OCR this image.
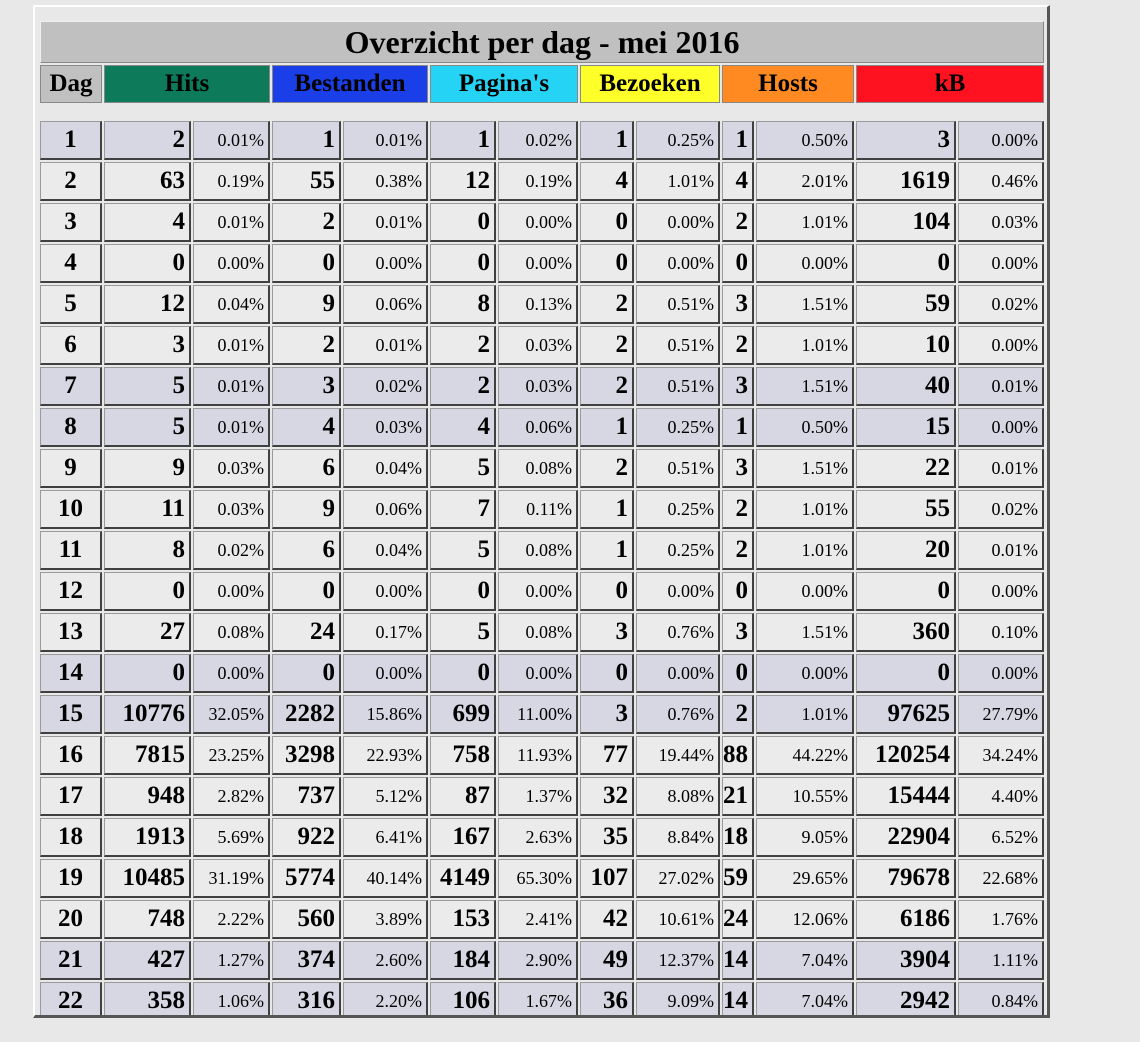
Overzicht per dag - mei 2016												
Dag	Hits		Bestanden		Pagina's		Bezoeken		Hosts		kB	

1	2	0.01%	1	0.01%	1	0.02%	1	0.25%	1	0.50%	3	0.00%
2	63	0.19%	55	0.38%	12	0.19%	4	1.01%	4	2.01%	1619	0.46%
3	4	0.01%	2	0.01%	0	0.00%	0	0.00%	2	1.01%	104	0.03%
4	0	0.00%	0	0.00%	0	0.00%	0	0.00%	0	0.00%	0	0.00%
5	12	0.04%	9	0.06%	8	0.13%	2	0.51%	3	1.51%	59	0.02%
6	3	0.01%	2	0.01%	2	0.03%	2	0.51%	2	1.01%	10	0.00%
7	5	0.01%	3	0.02%	2	0.03%	2	0.51%	3	1.51%	40	0.01%
8	5	0.01%	4	0.03%	4	0.06%	1	0.25%	1	0.50%	15	0.00%
9	9	0.03%	6	0.04%	5	0.08%	2	0.51%	3	1.51%	22	0.01%
10	11	0.03%	9	0.06%	7	0.11%	1	0.25%	2	1.01%	55	0.02%
11	8	0.02%	6	0.04%	5	0.08%	1	0.25%	2	1.01%	20	0.01%
12	0	0.00%	0	0.00%	0	0.00%	0	0.00%	0	0.00%	0	0.00%
13	27	0.08%	24	0.17%	5	0.08%	3	0.76%	3	1.51%	360	0.10%
14	0	0.00%	0	0.00%	0	0.00%	0	0.00%	0	0.00%	0	0.00%
15	10776	32.05%	2282	15.86%	699	11.00%	3	0.76%	2	1.01%	97625	27.79%
16	7815	23.25%	3298	22.93%	758	11.93%	77	19.44%	88	44.22%	120254	34.24%
17	948	2.82%	737	5.12%	87	1.37%	32	8.08%	21	10.55%	15444	4.40%
18	1913	5.69%	922	6.41%	167	2.63%	35	8.84%	18	9.05%	22904	6.52%
19	10485	31.19%	5774	40.14%	4149	65.30%	107	27.02%	59	29.65%	79678	22.68%
20	748	2.22%	560	3.89%	153	2.41%	42	10.61%	24	12.06%	6186	1.76%
21	427	1.27%	374	2.60%	184	2.90%	49	12.37%	14	7.04%	3904	1.11%
22	358	1.06%	316	2.20%	106	1.67%	36	9.09%	14	7.04%	2942	0.84%
